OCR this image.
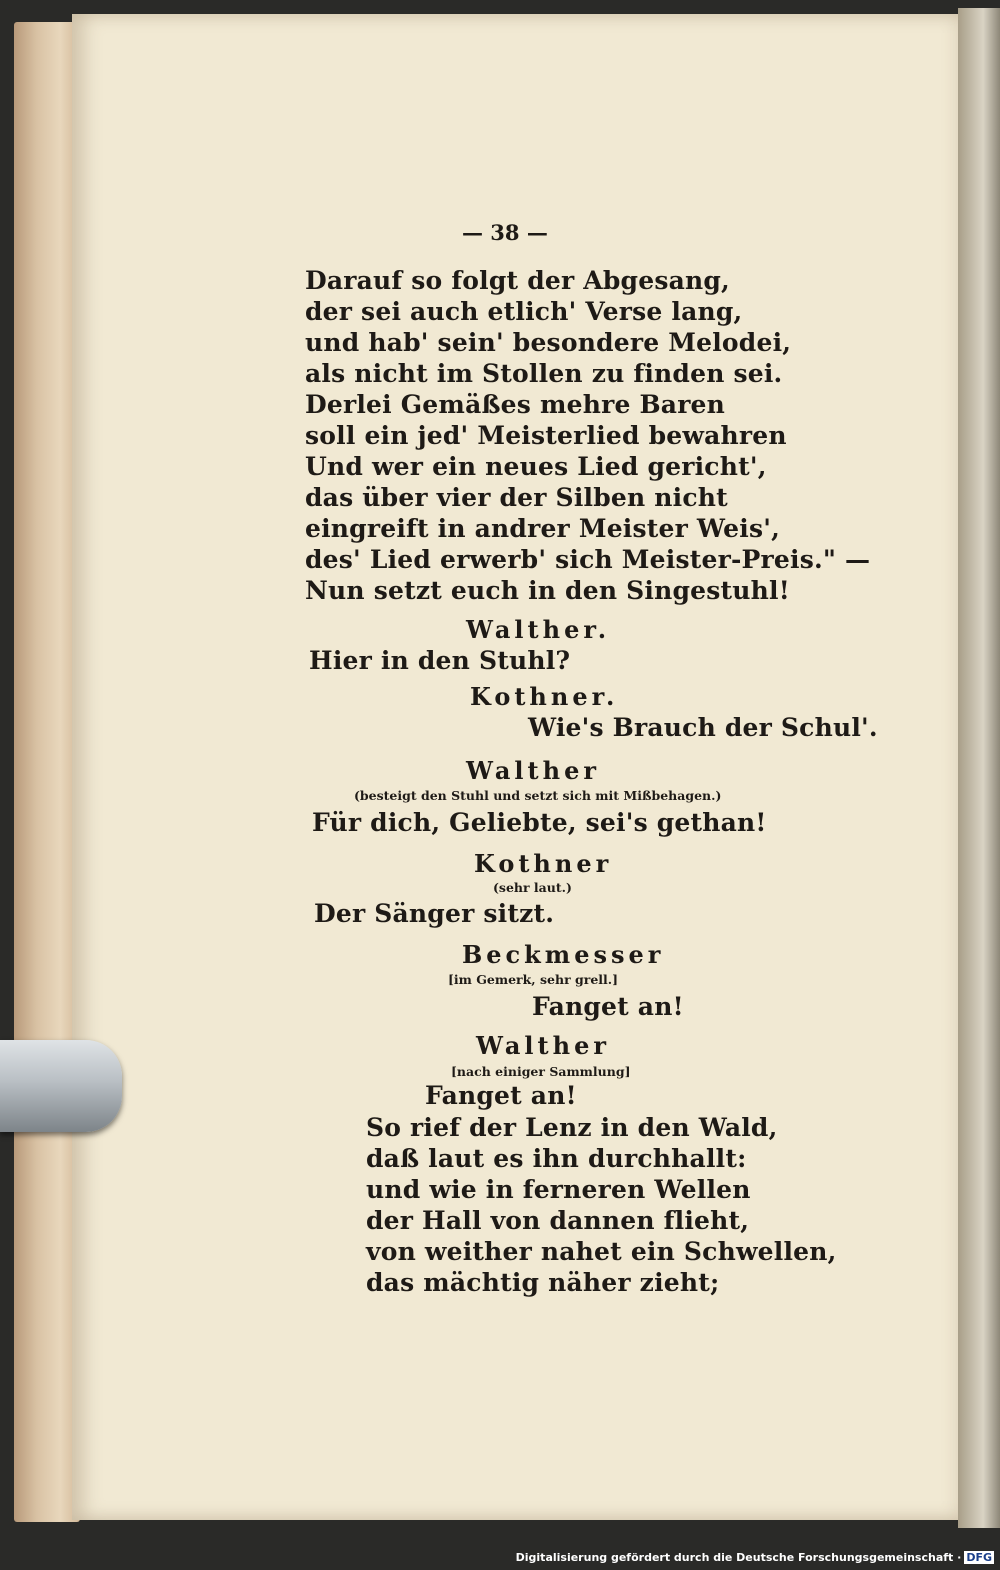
— 38 —
Darauf so folgt der Abgesang,
der sei auch etlich' Verse lang,
und hab' sein' besondere Melodei,
als nicht im Stollen zu finden sei.
Derlei Gemäßes mehre Baren
soll ein jed' Meisterlied bewahren
Und wer ein neues Lied gericht',
das über vier der Silben nicht
eingreift in andrer Meister Weis',
des' Lied erwerb' sich Meister-Preis." —
Nun setzt euch in den Singestuhl!
Walther.
Hier in den Stuhl?
Kothner.
Wie's Brauch der Schul'.
Walther
(besteigt den Stuhl und setzt sich mit Mißbehagen.)
Für dich, Geliebte, sei's gethan!
Kothner
(sehr laut.)
Der Sänger sitzt.
Beckmesser
[im Gemerk, sehr grell.]
Fanget an!
Walther
[nach einiger Sammlung]
Fanget an!
So rief der Lenz in den Wald,
daß laut es ihn durchhallt:
und wie in ferneren Wellen
der Hall von dannen flieht,
von weither nahet ein Schwellen,
das mächtig näher zieht;
Digitalisierung gefördert durch die Deutsche Forschungsgemeinschaft · DFG
